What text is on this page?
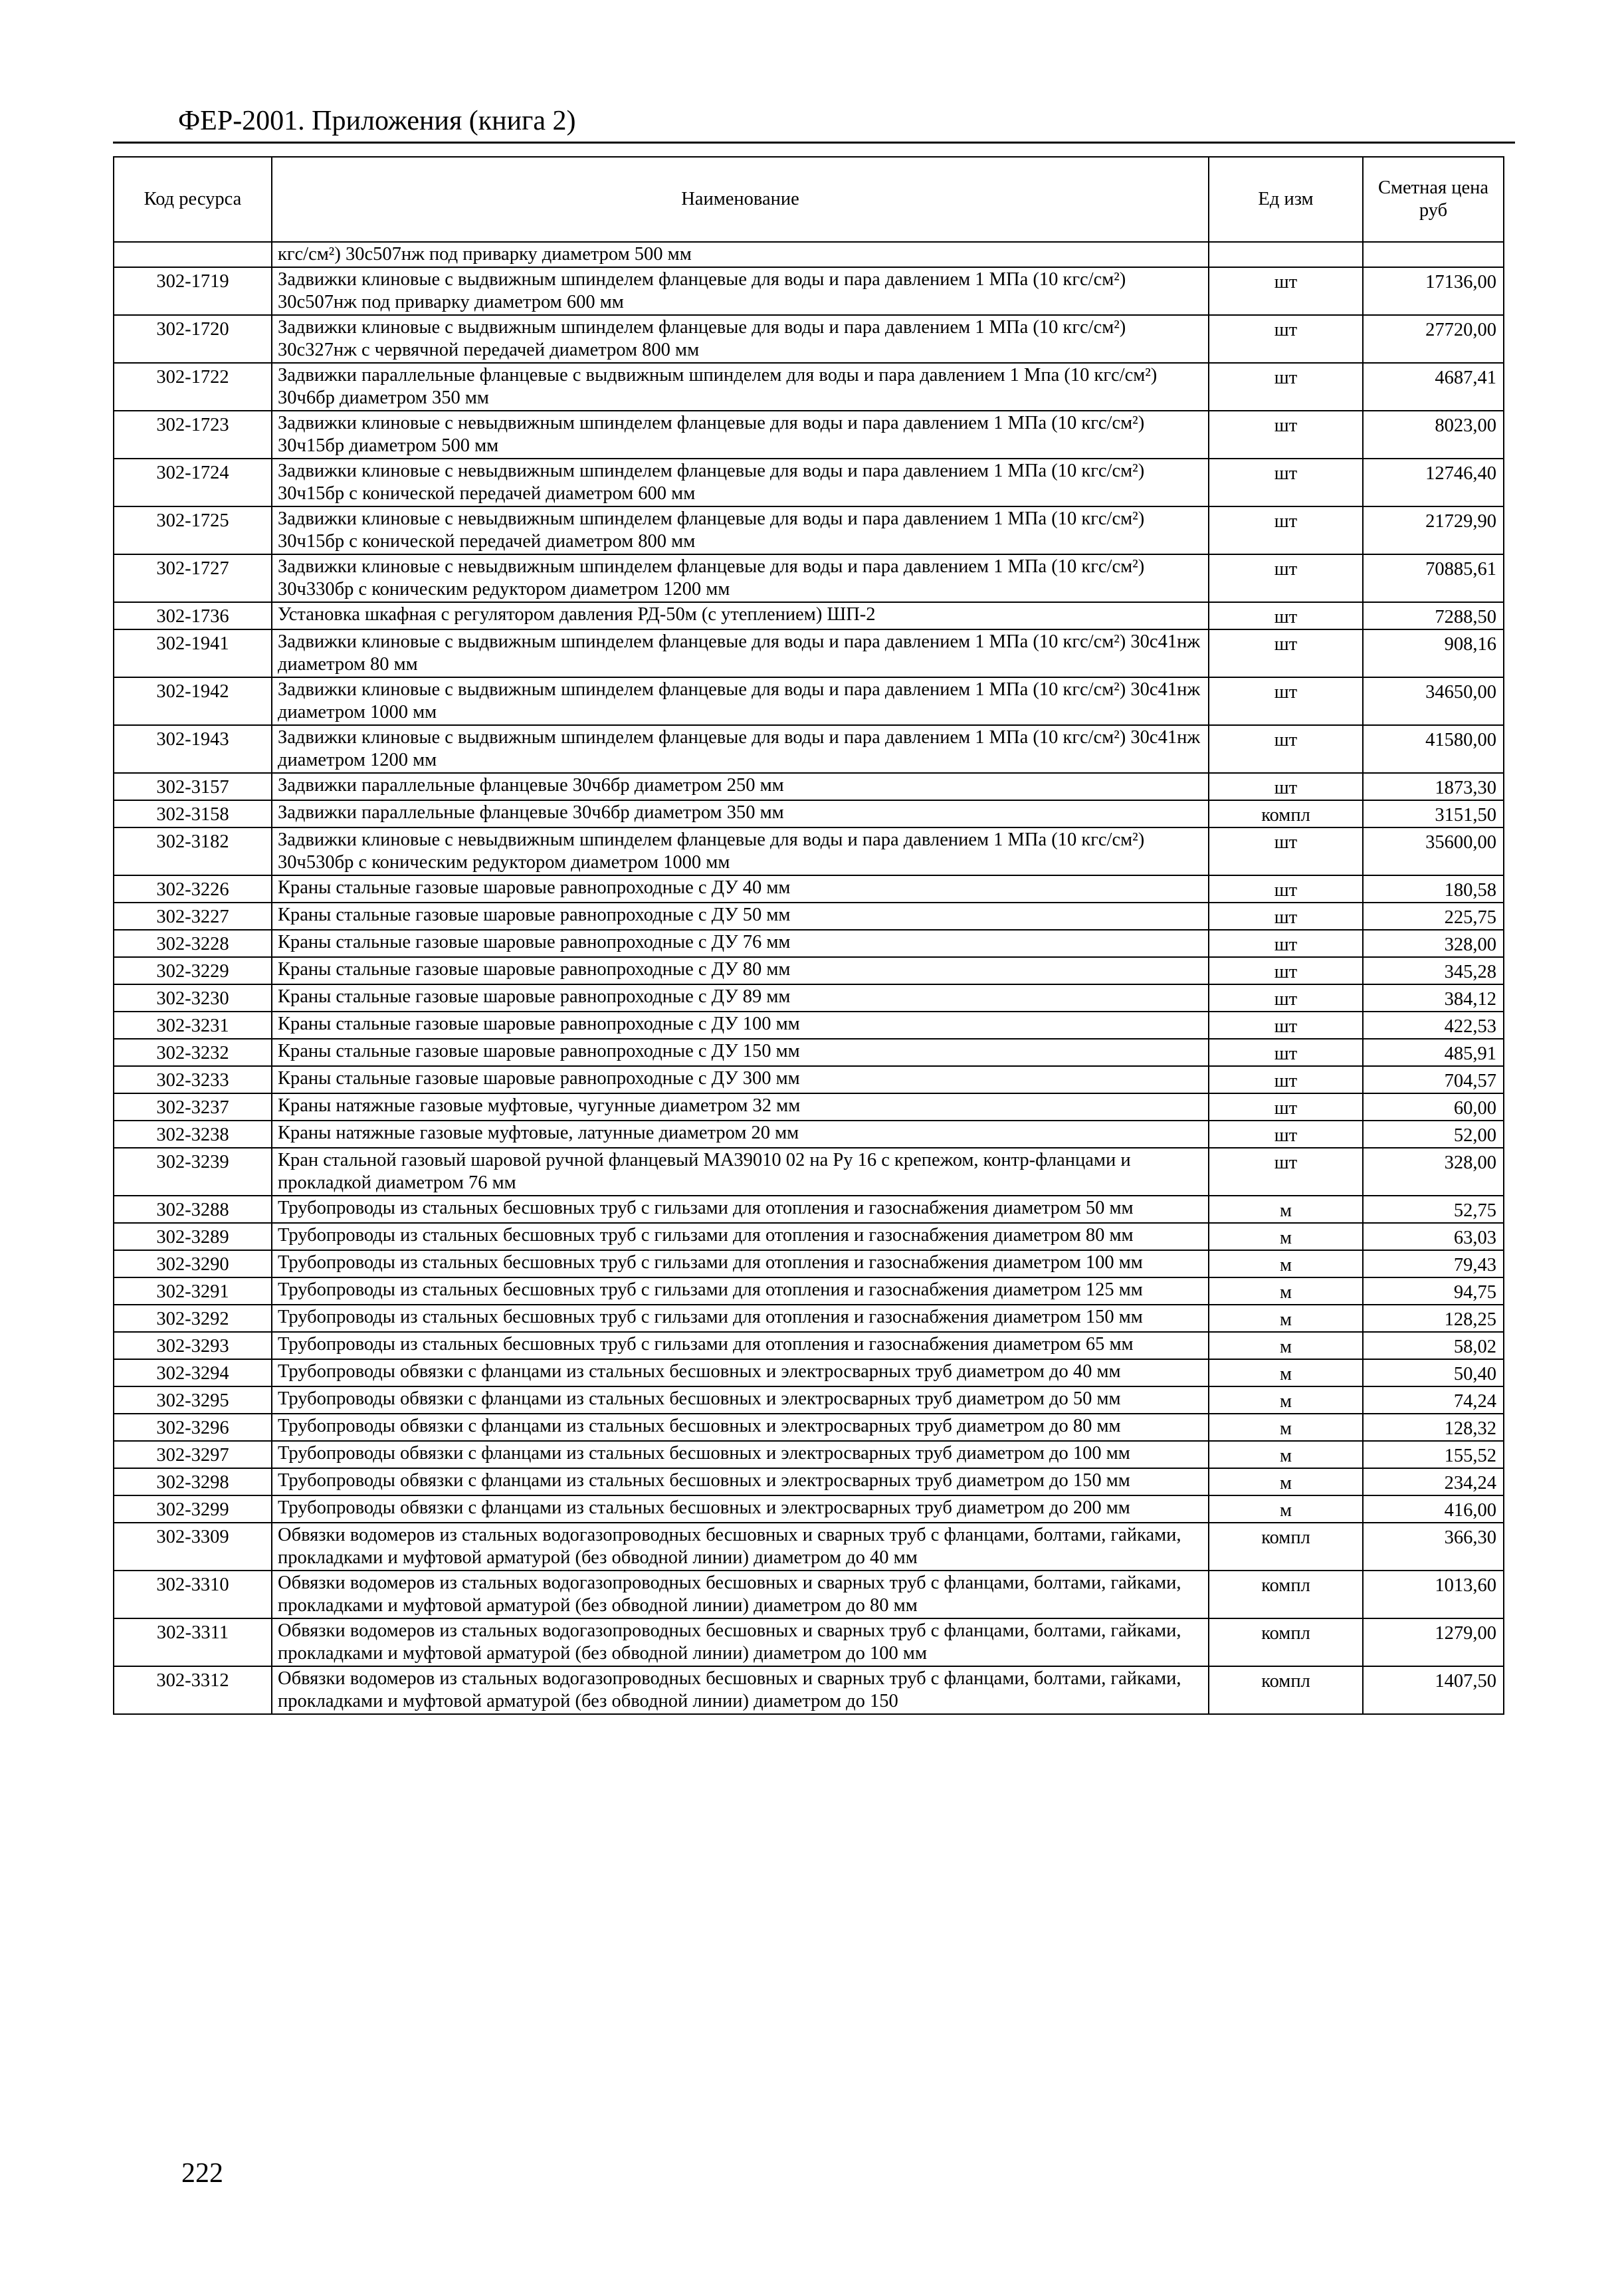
ФЕР-2001. Приложения (книга 2)
Код ресурса	Наименование	Ед изм	Сметная цена руб
	кгс/см²) 30с507нж под приварку диаметром 500 мм		
302-1719	Задвижки клиновые с выдвижным шпинделем фланцевые для воды и пара давлением 1 МПа (10 кгс/см²) 30с507нж под приварку диаметром 600 мм	шт	17136,00
302-1720	Задвижки клиновые с выдвижным шпинделем фланцевые для воды и пара давлением 1 МПа (10 кгс/см²) 30с327нж с червячной передачей диаметром 800 мм	шт	27720,00
302-1722	Задвижки параллельные фланцевые с выдвижным шпинделем для воды и пара давлением 1 Мпа (10 кгс/см²) 30ч6бр диаметром 350 мм	шт	4687,41
302-1723	Задвижки клиновые с невыдвижным шпинделем фланцевые для воды и пара давлением 1 МПа (10 кгс/см²) 30ч15бр диаметром 500 мм	шт	8023,00
302-1724	Задвижки клиновые с невыдвижным шпинделем фланцевые для воды и пара давлением 1 МПа (10 кгс/см²) 30ч15бр с конической передачей диаметром 600 мм	шт	12746,40
302-1725	Задвижки клиновые с невыдвижным шпинделем фланцевые для воды и пара давлением 1 МПа (10 кгс/см²) 30ч15бр с конической передачей диаметром 800 мм	шт	21729,90
302-1727	Задвижки клиновые с невыдвижным шпинделем фланцевые для воды и пара давлением 1 МПа (10 кгс/см²) 30ч330бр с коническим редуктором диаметром 1200 мм	шт	70885,61
302-1736	Установка шкафная с регулятором давления РД-50м (с утеплением) ШП-2	шт	7288,50
302-1941	Задвижки клиновые с выдвижным шпинделем фланцевые для воды и пара давлением 1 МПа (10 кгс/см²) 30с41нж диаметром 80 мм	шт	908,16
302-1942	Задвижки клиновые с выдвижным шпинделем фланцевые для воды и пара давлением 1 МПа (10 кгс/см²) 30с41нж диаметром 1000 мм	шт	34650,00
302-1943	Задвижки клиновые с выдвижным шпинделем фланцевые для воды и пара давлением 1 МПа (10 кгс/см²) 30с41нж диаметром 1200 мм	шт	41580,00
302-3157	Задвижки параллельные фланцевые 30ч6бр диаметром 250 мм	шт	1873,30
302-3158	Задвижки параллельные фланцевые 30ч6бр диаметром 350 мм	компл	3151,50
302-3182	Задвижки клиновые с невыдвижным шпинделем фланцевые для воды и пара давлением 1 МПа (10 кгс/см²) 30ч530бр с коническим редуктором диаметром 1000 мм	шт	35600,00
302-3226	Краны стальные газовые шаровые равнопроходные с ДУ 40 мм	шт	180,58
302-3227	Краны стальные газовые шаровые равнопроходные с ДУ 50 мм	шт	225,75
302-3228	Краны стальные газовые шаровые равнопроходные с ДУ 76 мм	шт	328,00
302-3229	Краны стальные газовые шаровые равнопроходные с ДУ 80 мм	шт	345,28
302-3230	Краны стальные газовые шаровые равнопроходные с ДУ 89 мм	шт	384,12
302-3231	Краны стальные газовые шаровые равнопроходные с ДУ 100 мм	шт	422,53
302-3232	Краны стальные газовые шаровые равнопроходные с ДУ 150 мм	шт	485,91
302-3233	Краны стальные газовые шаровые равнопроходные с ДУ 300 мм	шт	704,57
302-3237	Краны натяжные газовые муфтовые, чугунные диаметром 32 мм	шт	60,00
302-3238	Краны натяжные газовые муфтовые, латунные диаметром 20 мм	шт	52,00
302-3239	Кран стальной газовый шаровой ручной фланцевый МА39010 02 на Ру 16 с крепежом, контр-фланцами и прокладкой диаметром 76 мм	шт	328,00
302-3288	Трубопроводы из стальных бесшовных труб с гильзами для отопления и газоснабжения диаметром 50 мм	м	52,75
302-3289	Трубопроводы из стальных бесшовных труб с гильзами для отопления и газоснабжения диаметром 80 мм	м	63,03
302-3290	Трубопроводы из стальных бесшовных труб с гильзами для отопления и газоснабжения диаметром 100 мм	м	79,43
302-3291	Трубопроводы из стальных бесшовных труб с гильзами для отопления и газоснабжения диаметром 125 мм	м	94,75
302-3292	Трубопроводы из стальных бесшовных труб с гильзами для отопления и газоснабжения диаметром 150 мм	м	128,25
302-3293	Трубопроводы из стальных бесшовных труб с гильзами для отопления и газоснабжения диаметром 65 мм	м	58,02
302-3294	Трубопроводы обвязки с фланцами из стальных бесшовных и электросварных труб диаметром до 40 мм	м	50,40
302-3295	Трубопроводы обвязки с фланцами из стальных бесшовных и электросварных труб диаметром до 50 мм	м	74,24
302-3296	Трубопроводы обвязки с фланцами из стальных бесшовных и электросварных труб диаметром до 80 мм	м	128,32
302-3297	Трубопроводы обвязки с фланцами из стальных бесшовных и электросварных труб диаметром до 100 мм	м	155,52
302-3298	Трубопроводы обвязки с фланцами из стальных бесшовных и электросварных труб диаметром до 150 мм	м	234,24
302-3299	Трубопроводы обвязки с фланцами из стальных бесшовных и электросварных труб диаметром до 200 мм	м	416,00
302-3309	Обвязки водомеров из стальных водогазопроводных бесшовных и сварных труб с фланцами, болтами, гайками, прокладками и муфтовой арматурой (без обводной линии) диаметром до 40 мм	компл	366,30
302-3310	Обвязки водомеров из стальных водогазопроводных бесшовных и сварных труб с фланцами, болтами, гайками, прокладками и муфтовой арматурой (без обводной линии) диаметром до 80 мм	компл	1013,60
302-3311	Обвязки водомеров из стальных водогазопроводных бесшовных и сварных труб с фланцами, болтами, гайками, прокладками и муфтовой арматурой (без обводной линии) диаметром до 100 мм	компл	1279,00
302-3312	Обвязки водомеров из стальных водогазопроводных бесшовных и сварных труб с фланцами, болтами, гайками, прокладками и муфтовой арматурой (без обводной линии) диаметром до 150	компл	1407,50
222
